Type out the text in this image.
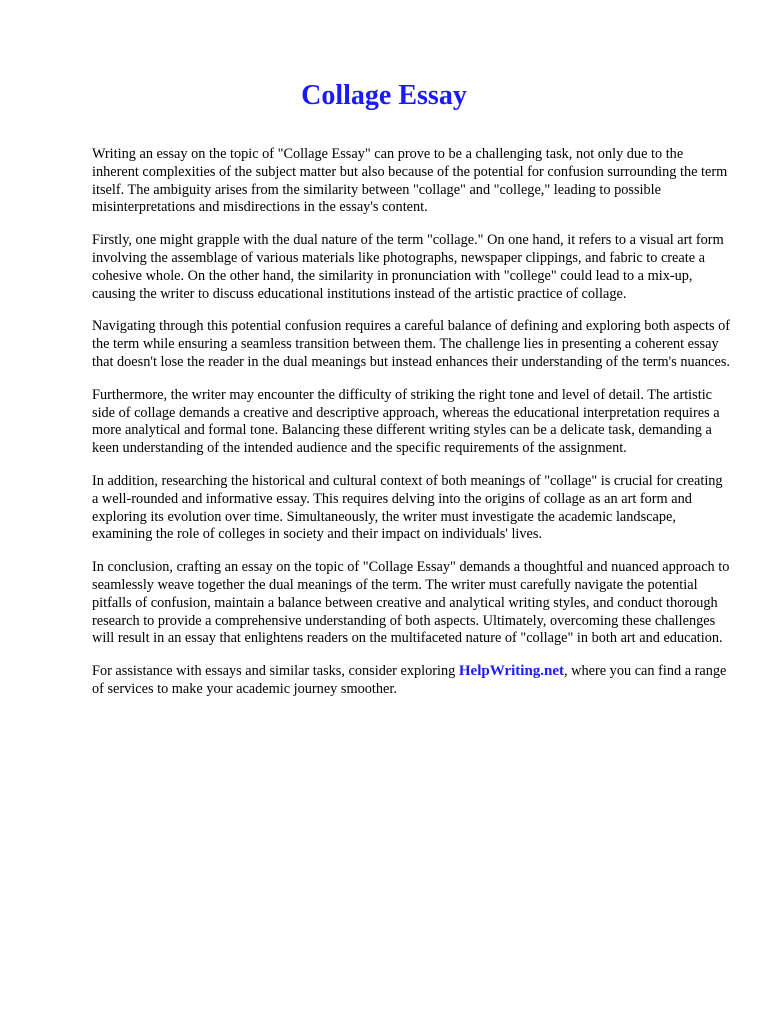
Collage Essay

Writing an essay on the topic of "Collage Essay" can prove to be a challenging task, not only due to the inherent complexities of the subject matter but also because of the potential for confusion surrounding the term itself. The ambiguity arises from the similarity between "collage" and "college," leading to possible misinterpretations and misdirections in the essay's content.

Firstly, one might grapple with the dual nature of the term "collage." On one hand, it refers to a visual art form involving the assemblage of various materials like photographs, newspaper clippings, and fabric to create a cohesive whole. On the other hand, the similarity in pronunciation with "college" could lead to a mix-up, causing the writer to discuss educational institutions instead of the artistic practice of collage.

Navigating through this potential confusion requires a careful balance of defining and exploring both aspects of the term while ensuring a seamless transition between them. The challenge lies in presenting a coherent essay that doesn't lose the reader in the dual meanings but instead enhances their understanding of the term's nuances.

Furthermore, the writer may encounter the difficulty of striking the right tone and level of detail. The artistic side of collage demands a creative and descriptive approach, whereas the educational interpretation requires a more analytical and formal tone. Balancing these different writing styles can be a delicate task, demanding a keen understanding of the intended audience and the specific requirements of the assignment.

In addition, researching the historical and cultural context of both meanings of "collage" is crucial for creating a well-rounded and informative essay. This requires delving into the origins of collage as an art form and exploring its evolution over time. Simultaneously, the writer must investigate the academic landscape, examining the role of colleges in society and their impact on individuals' lives.

In conclusion, crafting an essay on the topic of "Collage Essay" demands a thoughtful and nuanced approach to seamlessly weave together the dual meanings of the term. The writer must carefully navigate the potential pitfalls of confusion, maintain a balance between creative and analytical writing styles, and conduct thorough research to provide a comprehensive understanding of both aspects. Ultimately, overcoming these challenges will result in an essay that enlightens readers on the multifaceted nature of "collage" in both art and education.

For assistance with essays and similar tasks, consider exploring HelpWriting.net, where you can find a range of services to make your academic journey smoother.
